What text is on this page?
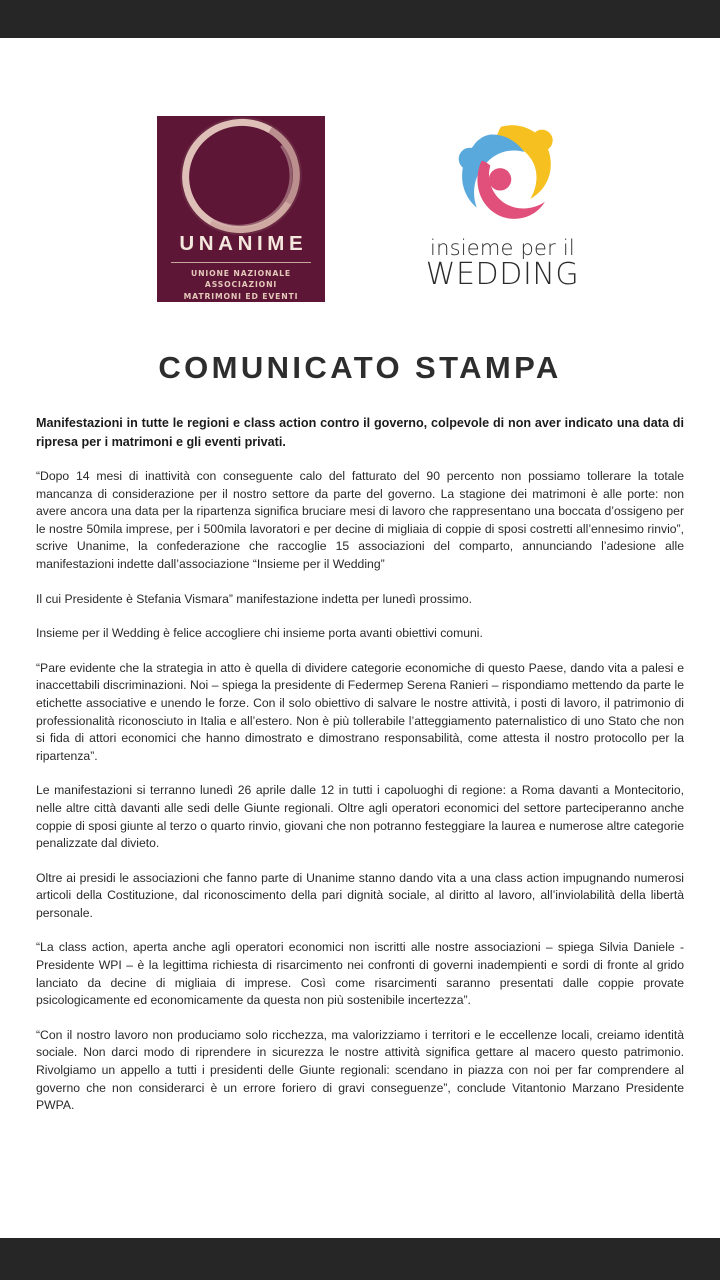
UNANIME
UNIONE NAZIONALE ASSOCIAZIONI
MATRIMONI ED EVENTI
insieme per il
WEDDING
COMUNICATO STAMPA

Manifestazioni in tutte le regioni e class action contro il governo, colpevole di non aver indicato una data di ripresa per i matrimoni e gli eventi privati.

“Dopo 14 mesi di inattività con conseguente calo del fatturato del 90 percento non possiamo tollerare la totale mancanza di considerazione per il nostro settore da parte del governo. La stagione dei matrimoni è alle porte: non avere ancora una data per la ripartenza significa bruciare mesi di lavoro che rappresentano una boccata d’ossigeno per le nostre 50mila imprese, per i 500mila lavoratori e per decine di migliaia di coppie di sposi costretti all’ennesimo rinvio”, scrive Unanime, la confederazione che raccoglie 15 associazioni del comparto, annunciando l’adesione alle manifestazioni indette dall’associazione “Insieme per il Wedding”

Il cui Presidente è Stefania Vismara” manifestazione indetta per lunedì prossimo.

Insieme per il Wedding è felice accogliere chi insieme porta avanti obiettivi comuni.

“Pare evidente che la strategia in atto è quella di dividere categorie economiche di questo Paese, dando vita a palesi e inaccettabili discriminazioni. Noi – spiega la presidente di Federmep Serena Ranieri – rispondiamo mettendo da parte le etichette associative e unendo le forze. Con il solo obiettivo di salvare le nostre attività, i posti di lavoro, il patrimonio di professionalità riconosciuto in Italia e all’estero. Non è più tollerabile l’atteggiamento paternalistico di uno Stato che non si fida di attori economici che hanno dimostrato e dimostrano responsabilità, come attesta il nostro protocollo per la ripartenza”.

Le manifestazioni si terranno lunedì 26 aprile dalle 12 in tutti i capoluoghi di regione: a Roma davanti a Montecitorio, nelle altre città davanti alle sedi delle Giunte regionali. Oltre agli operatori economici del settore parteciperanno anche coppie di sposi giunte al terzo o quarto rinvio, giovani che non potranno festeggiare la laurea e numerose altre categorie penalizzate dal divieto.

Oltre ai presidi le associazioni che fanno parte di Unanime stanno dando vita a una class action impugnando numerosi articoli della Costituzione, dal riconoscimento della pari dignità sociale, al diritto al lavoro, all’inviolabilità della libertà personale.

“La class action, aperta anche agli operatori economici non iscritti alle nostre associazioni – spiega Silvia Daniele - Presidente WPI – è la legittima richiesta di risarcimento nei confronti di governi inadempienti e sordi di fronte al grido lanciato da decine di migliaia di imprese. Così come risarcimenti saranno presentati dalle coppie provate psicologicamente ed economicamente da questa non più sostenibile incertezza”.

“Con il nostro lavoro non produciamo solo ricchezza, ma valorizziamo i territori e le eccellenze locali, creiamo identità sociale. Non darci modo di riprendere in sicurezza le nostre attività significa gettare al macero questo patrimonio. Rivolgiamo un appello a tutti i presidenti delle Giunte regionali: scendano in piazza con noi per far comprendere al governo che non considerarci è un errore foriero di gravi conseguenze”, conclude Vitantonio Marzano Presidente PWPA.
